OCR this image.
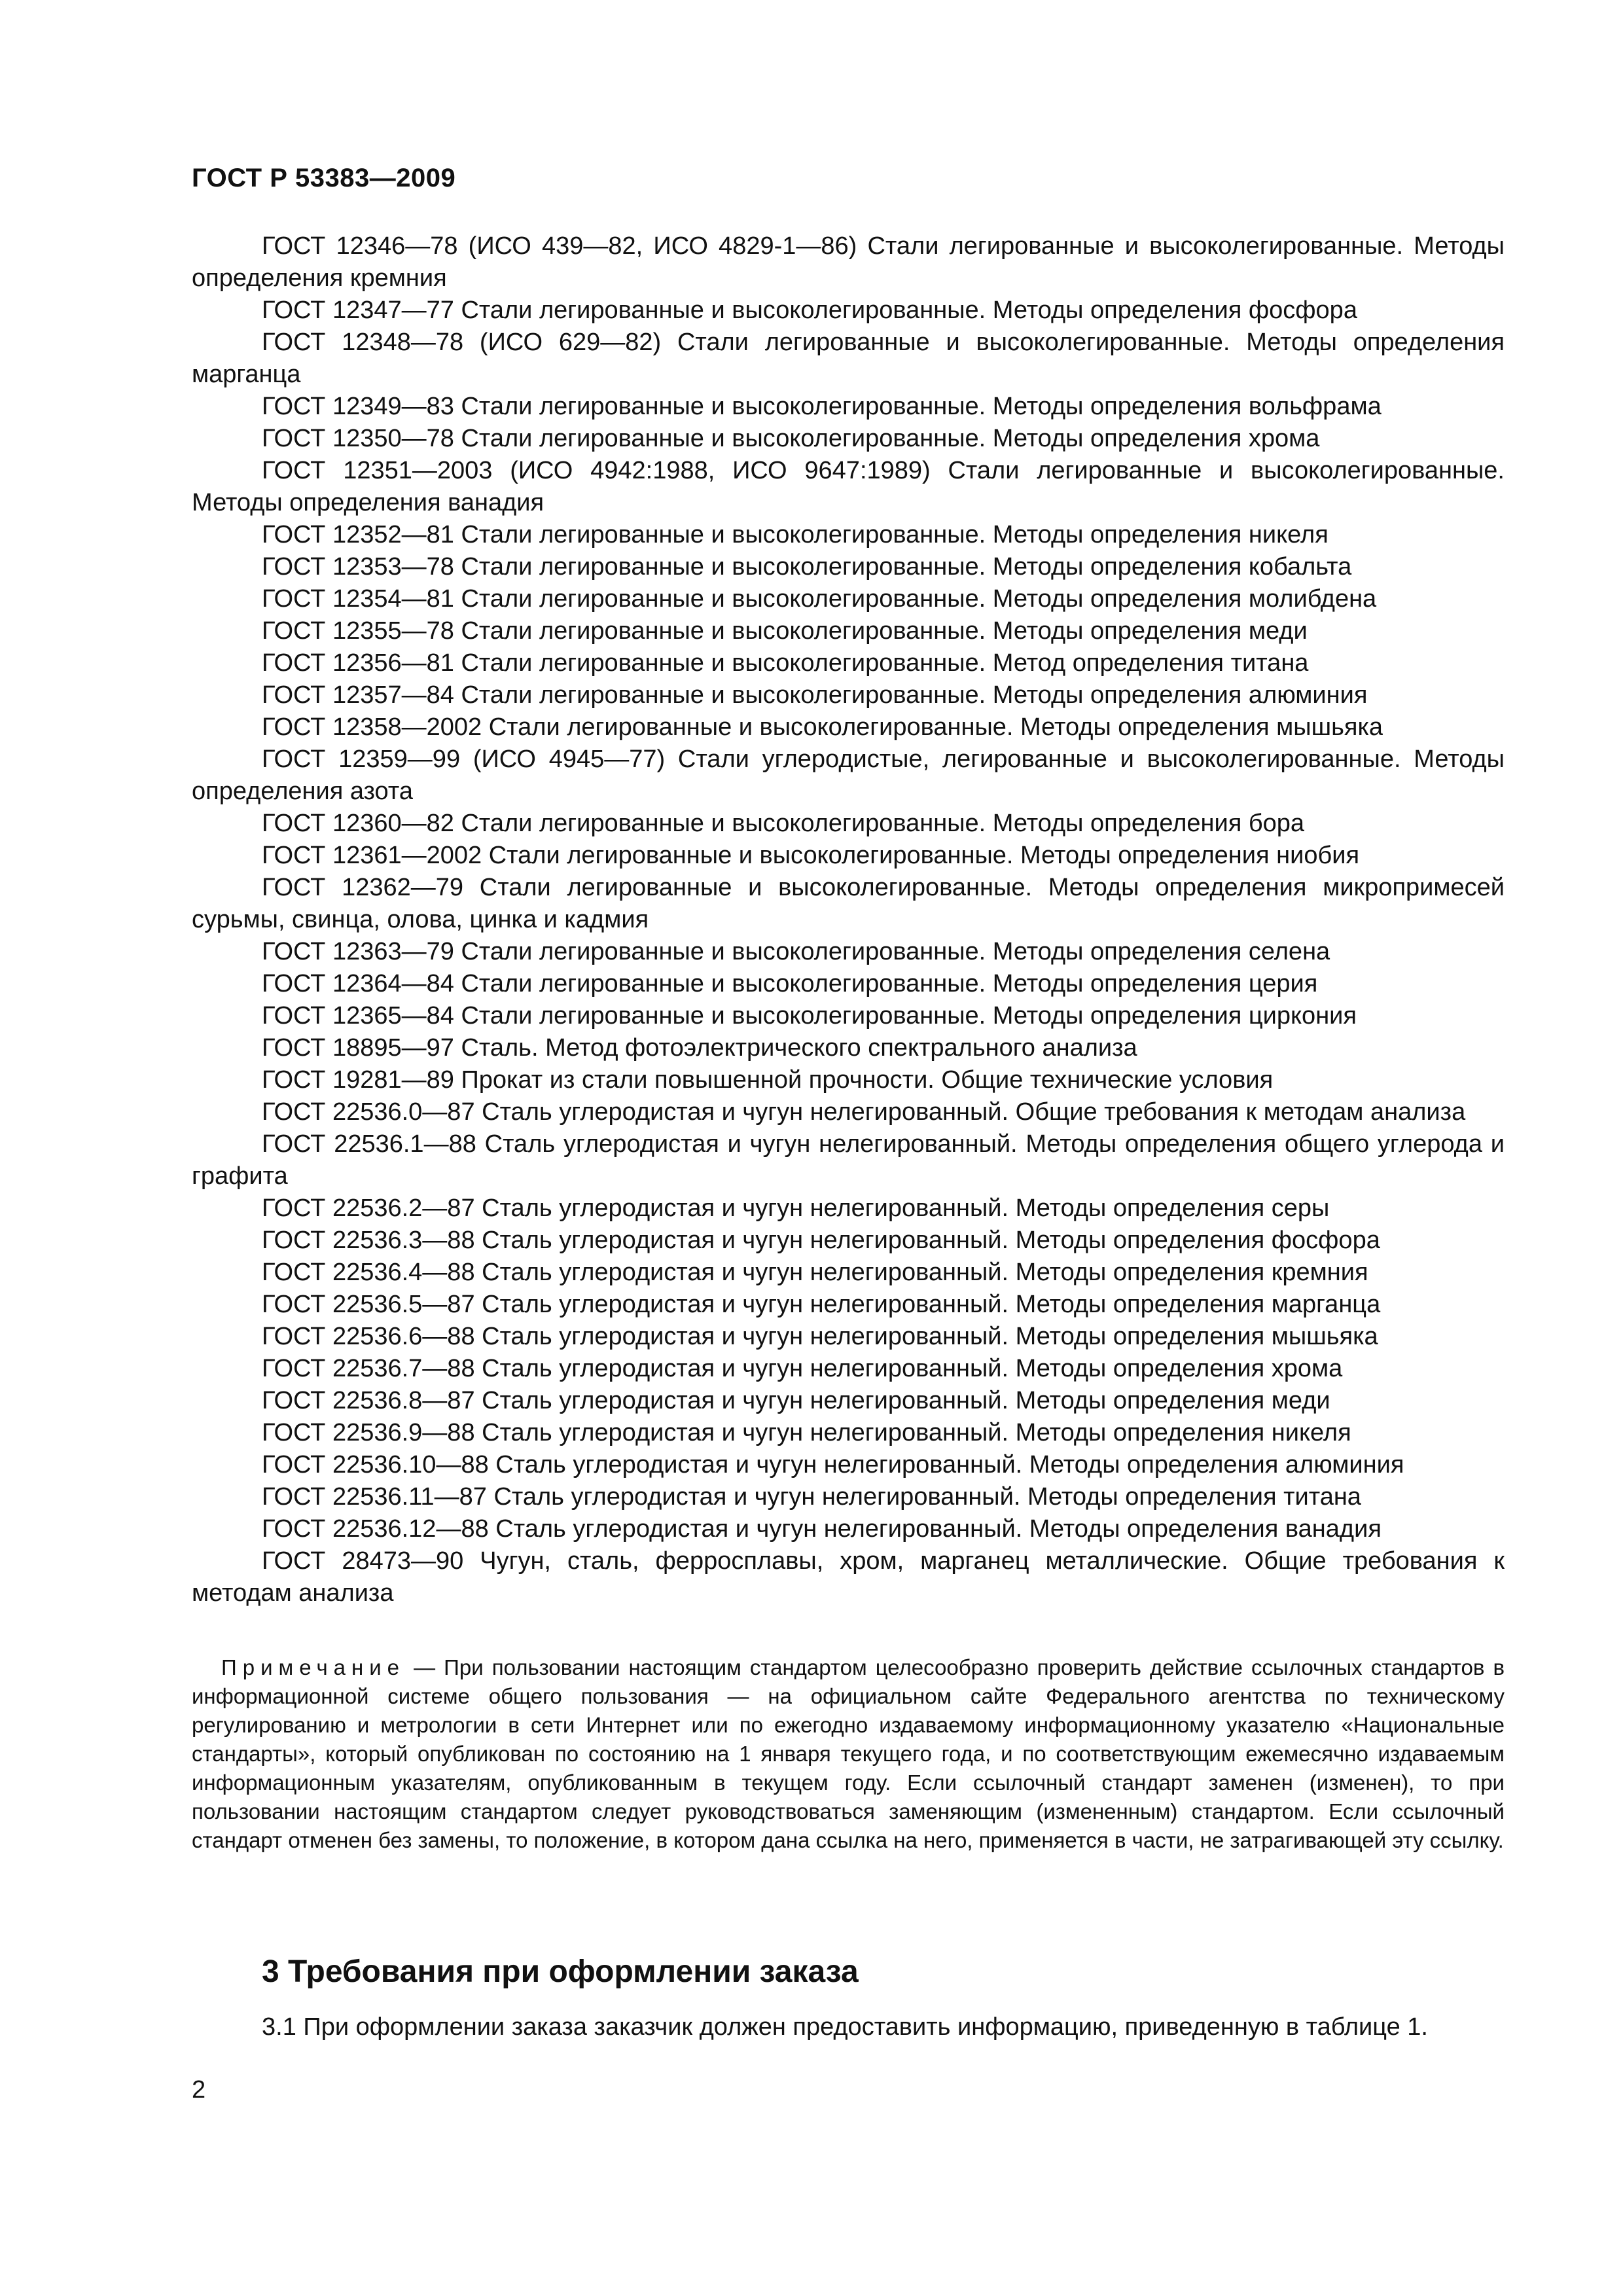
ГОСТ Р 53383—2009

ГОСТ 12346—78 (ИСО 439—82, ИСО 4829-1—86) Стали легированные и высоколегированные. Методы определения кремния

ГОСТ 12347—77 Стали легированные и высоколегированные. Методы определения фосфора

ГОСТ 12348—78 (ИСО 629—82) Стали легированные и высоколегированные. Методы определения марганца

ГОСТ 12349—83 Стали легированные и высоколегированные. Методы определения вольфрама

ГОСТ 12350—78 Стали легированные и высоколегированные. Методы определения хрома

ГОСТ 12351—2003 (ИСО 4942:1988, ИСО 9647:1989) Стали легированные и высоколегированные. Методы определения ванадия

ГОСТ 12352—81 Стали легированные и высоколегированные. Методы определения никеля

ГОСТ 12353—78 Стали легированные и высоколегированные. Методы определения кобальта

ГОСТ 12354—81 Стали легированные и высоколегированные. Методы определения молибдена

ГОСТ 12355—78 Стали легированные и высоколегированные. Методы определения меди

ГОСТ 12356—81 Стали легированные и высоколегированные. Метод определения титана

ГОСТ 12357—84 Стали легированные и высоколегированные. Методы определения алюминия

ГОСТ 12358—2002 Стали легированные и высоколегированные. Методы определения мышьяка

ГОСТ 12359—99 (ИСО 4945—77) Стали углеродистые, легированные и высоколегированные. Методы определения азота

ГОСТ 12360—82 Стали легированные и высоколегированные. Методы определения бора

ГОСТ 12361—2002 Стали легированные и высоколегированные. Методы определения ниобия

ГОСТ 12362—79 Стали легированные и высоколегированные. Методы определения микропримесей сурьмы, свинца, олова, цинка и кадмия

ГОСТ 12363—79 Стали легированные и высоколегированные. Методы определения селена

ГОСТ 12364—84 Стали легированные и высоколегированные. Методы определения церия

ГОСТ 12365—84 Стали легированные и высоколегированные. Методы определения циркония

ГОСТ 18895—97 Сталь. Метод фотоэлектрического спектрального анализа

ГОСТ 19281—89 Прокат из стали повышенной прочности. Общие технические условия

ГОСТ 22536.0—87 Сталь углеродистая и чугун нелегированный. Общие требования к методам анализа

ГОСТ 22536.1—88 Сталь углеродистая и чугун нелегированный. Методы определения общего углерода и графита

ГОСТ 22536.2—87 Сталь углеродистая и чугун нелегированный. Методы определения серы

ГОСТ 22536.3—88 Сталь углеродистая и чугун нелегированный. Методы определения фосфора

ГОСТ 22536.4—88 Сталь углеродистая и чугун нелегированный. Методы определения кремния

ГОСТ 22536.5—87 Сталь углеродистая и чугун нелегированный. Методы определения марганца

ГОСТ 22536.6—88 Сталь углеродистая и чугун нелегированный. Методы определения мышьяка

ГОСТ 22536.7—88 Сталь углеродистая и чугун нелегированный. Методы определения хрома

ГОСТ 22536.8—87 Сталь углеродистая и чугун нелегированный. Методы определения меди

ГОСТ 22536.9—88 Сталь углеродистая и чугун нелегированный. Методы определения никеля

ГОСТ 22536.10—88 Сталь углеродистая и чугун нелегированный. Методы определения алюминия

ГОСТ 22536.11—87 Сталь углеродистая и чугун нелегированный. Методы определения титана

ГОСТ 22536.12—88 Сталь углеродистая и чугун нелегированный. Методы определения ванадия

ГОСТ 28473—90 Чугун, сталь, ферросплавы, хром, марганец металлические. Общие требования к методам анализа

Примечание — При пользовании настоящим стандартом целесообразно проверить действие ссылочных стандартов в информационной системе общего пользования — на официальном сайте Федерального агентства по техническому регулированию и метрологии в сети Интернет или по ежегодно издаваемому информационному указателю «Национальные стандарты», который опубликован по состоянию на 1 января текущего года, и по соответствующим ежемесячно издаваемым информационным указателям, опубликованным в текущем году. Если ссылочный стандарт заменен (изменен), то при пользовании настоящим стандартом следует руководствоваться заменяющим (измененным) стандартом. Если ссылочный стандарт отменен без замены, то положение, в котором дана ссылка на него, применяется в части, не затрагивающей эту ссылку.

3 Требования при оформлении заказа

3.1 При оформлении заказа заказчик должен предоставить информацию, приведенную в таблице 1.

2
